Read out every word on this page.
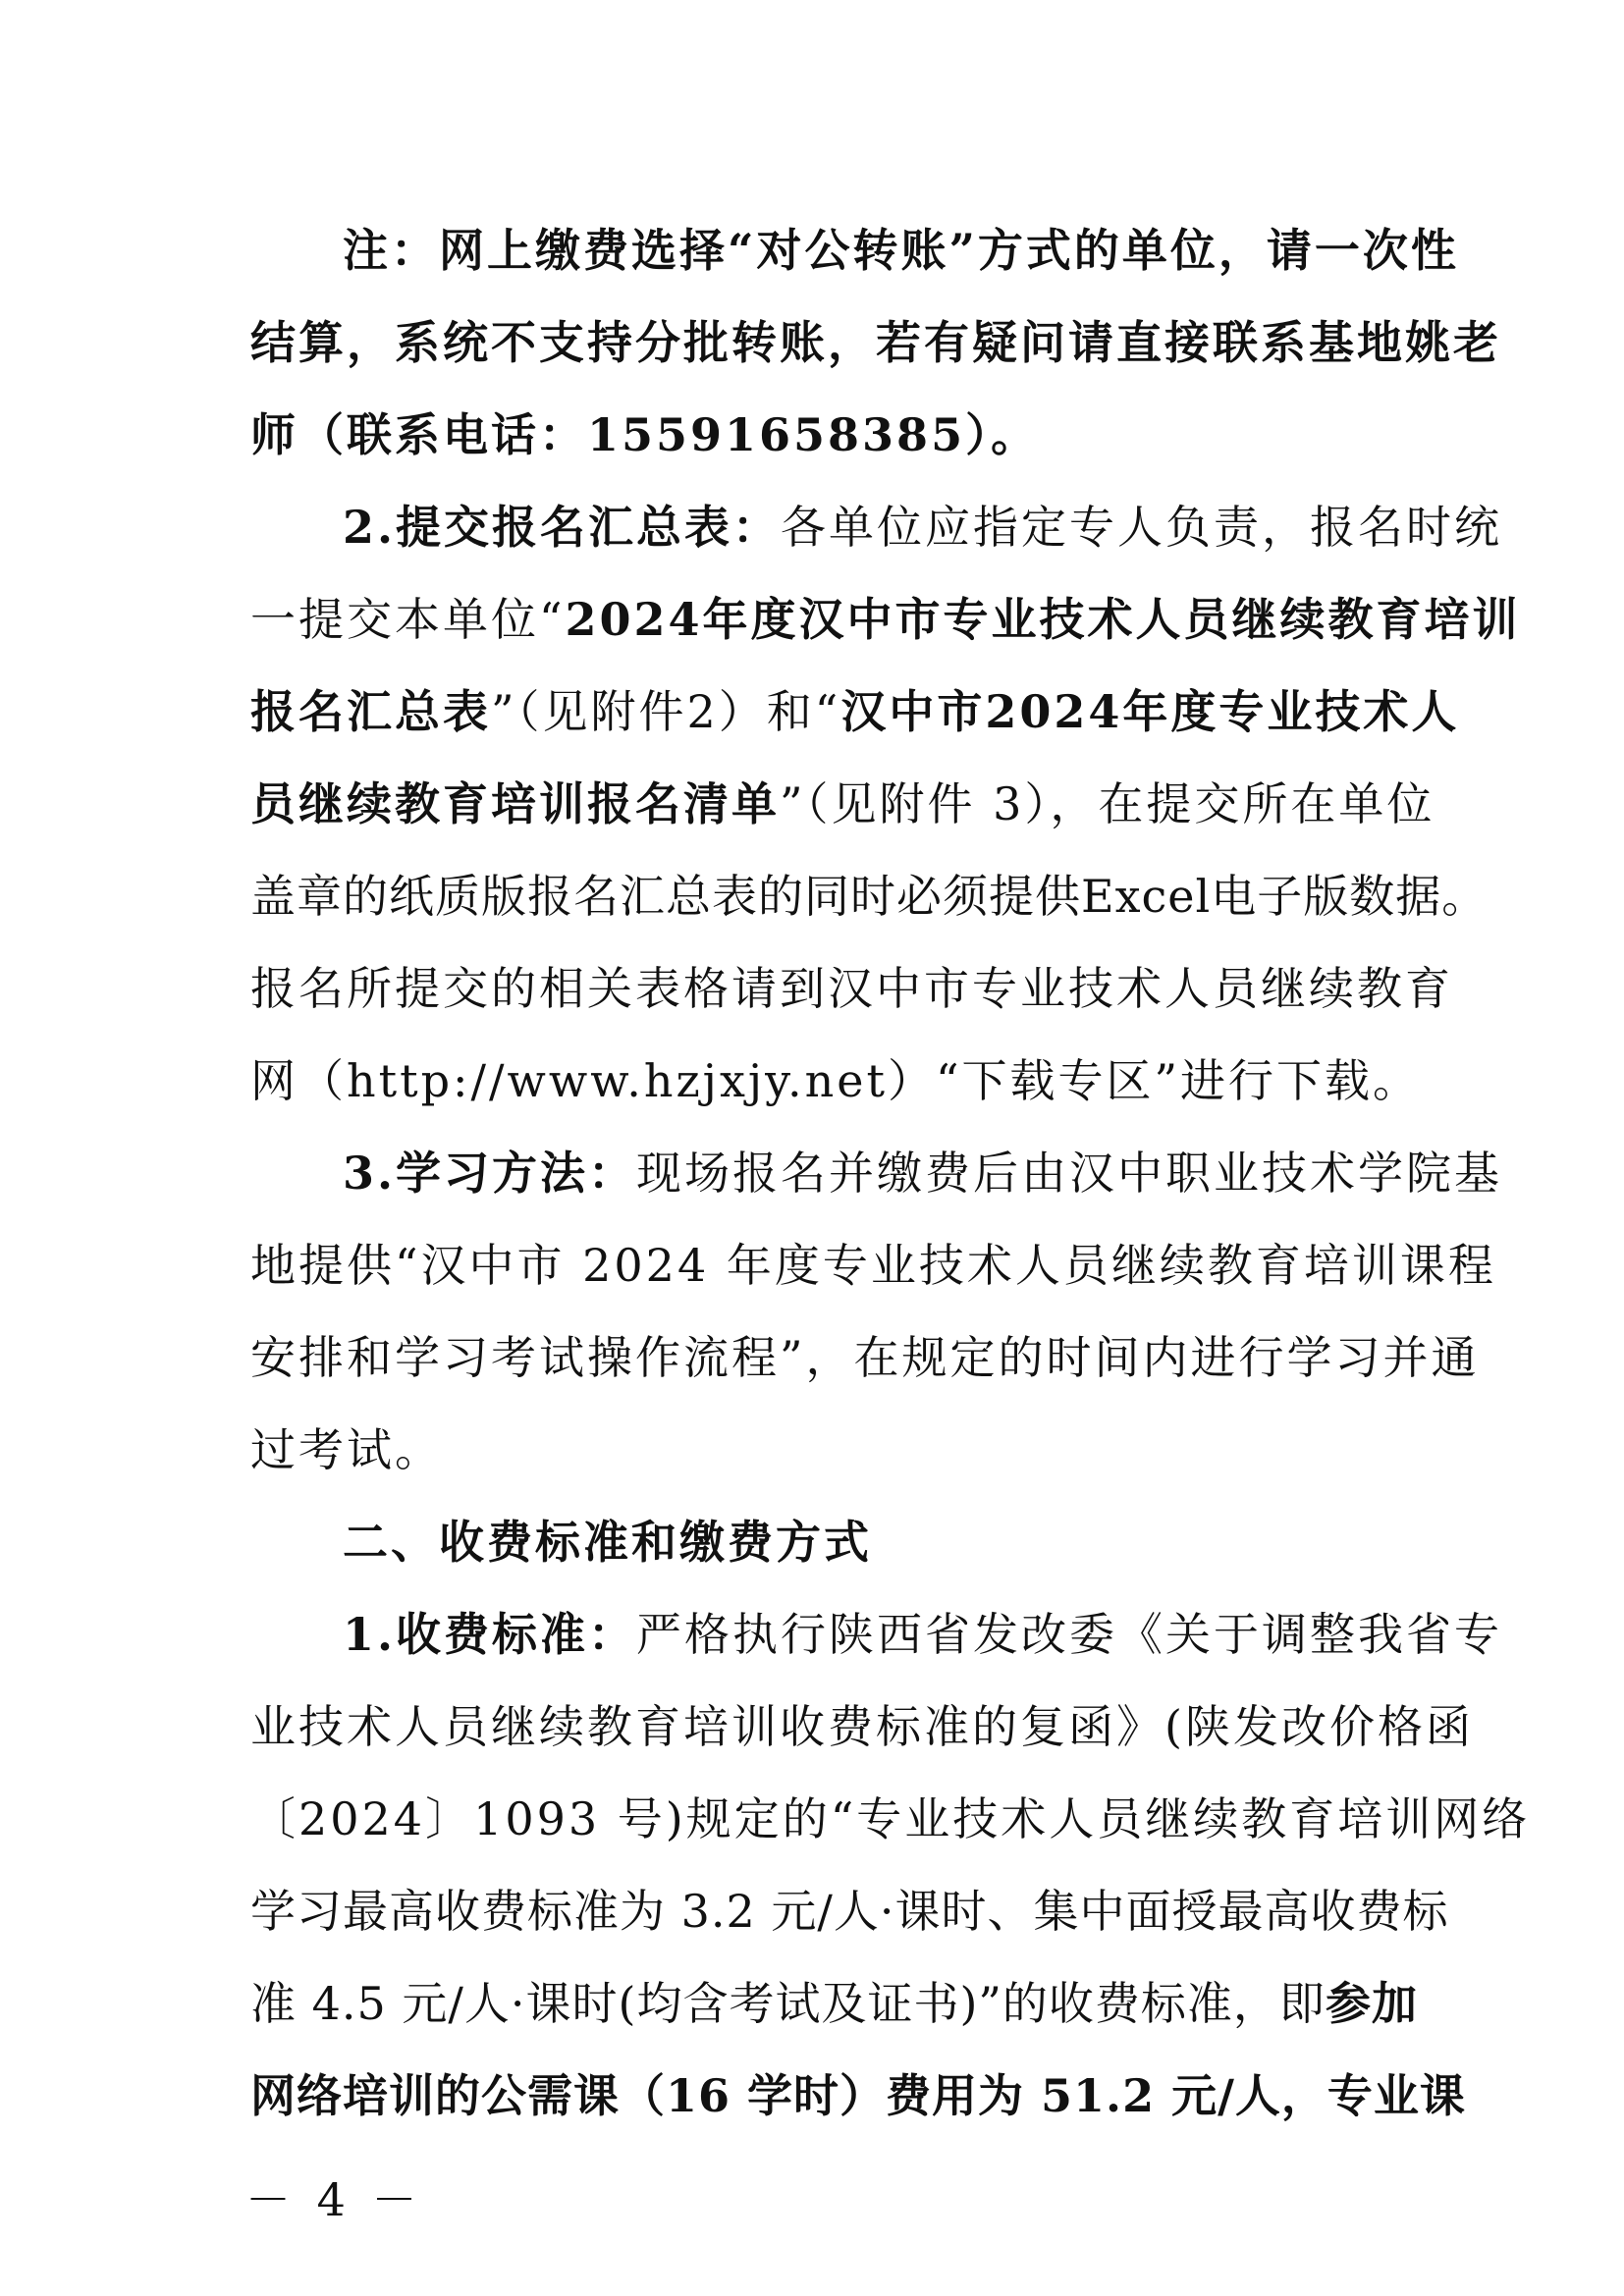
注：网上缴费选择“对公转账”方式的单位，请一次性
结算，系统不支持分批转账，若有疑问请直接联系基地姚老
师（联系电话：15591658385）。
2.提交报名汇总表：各单位应指定专人负责，报名时统
一提交本单位“2024年度汉中市专业技术人员继续教育培训
报名汇总表”（见附件2）和“汉中市2024年度专业技术人
员继续教育培训报名清单”（见附件 3），在提交所在单位
盖章的纸质版报名汇总表的同时必须提供Excel电子版数据。
报名所提交的相关表格请到汉中市专业技术人员继续教育
网（http://www.hzjxjy.net）“下载专区”进行下载。
3.学习方法：现场报名并缴费后由汉中职业技术学院基
地提供“汉中市 2024 年度专业技术人员继续教育培训课程
安排和学习考试操作流程”，在规定的时间内进行学习并通
过考试。
二、收费标准和缴费方式
1.收费标准：严格执行陕西省发改委《关于调整我省专
业技术人员继续教育培训收费标准的复函》(陕发改价格函
〔2024〕1093 号)规定的“专业技术人员继续教育培训网络
学习最高收费标准为 3.2 元/人·课时、集中面授最高收费标
准 4.5 元/人·课时(均含考试及证书)”的收费标准，即参加
网络培训的公需课（16 学时）费用为 51.2 元/人，专业课
－ 4 －
